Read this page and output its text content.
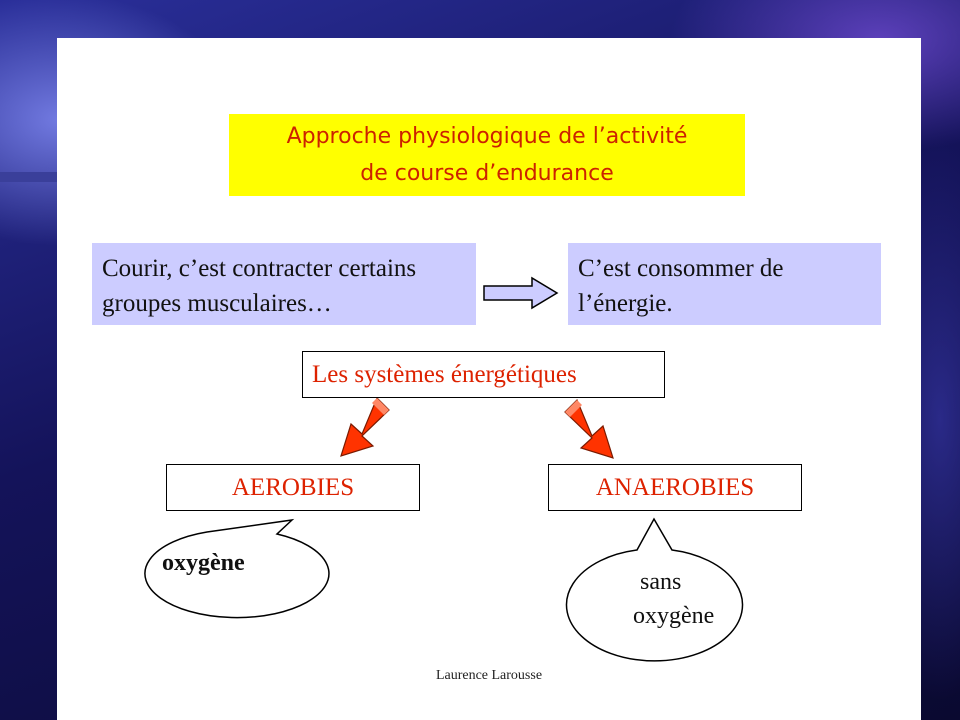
Approche physiologique de l’activité
de course d’endurance
Courir, c’est contracter certains
groupes musculaires…
C’est consommer de
l’énergie.
Les systèmes énergétiques
AEROBIES	ANAEROBIES
oxygène
sans
oxygène
Laurence Larousse
